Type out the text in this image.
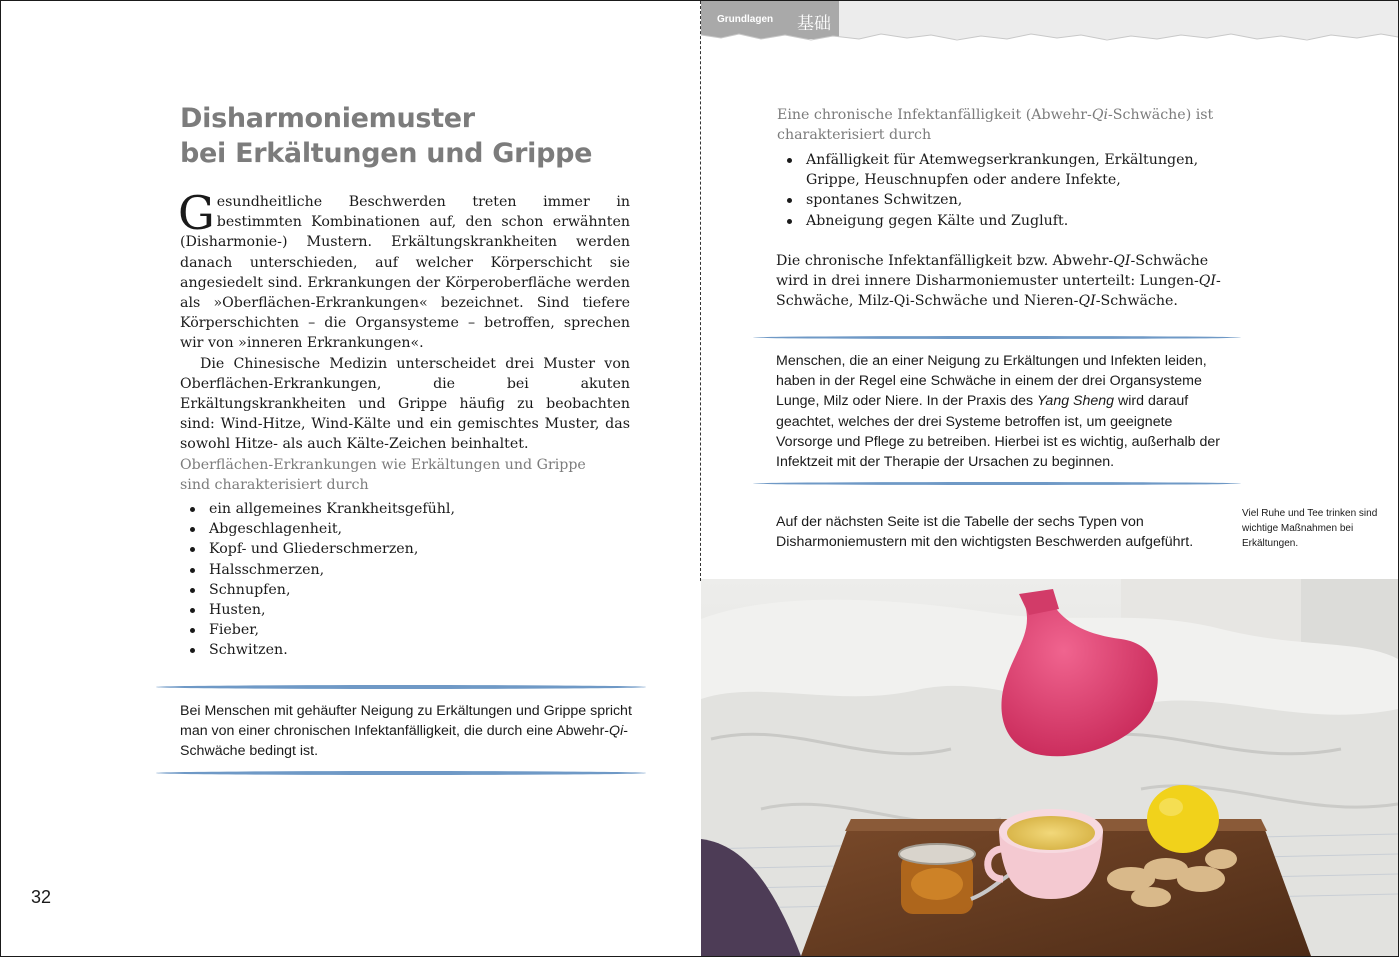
Disharmoniemuster
bei Erkältungen und Grippe

Gesundheitliche Beschwerden treten immer in bestimmten Kombinationen auf, den schon erwähnten (Disharmonie-) Mustern. Erkältungskrankheiten werden danach unterschieden, auf welcher Körperschicht sie angesiedelt sind. Erkrankungen der Körperoberfläche werden als »Oberflächen-Erkrankungen« bezeichnet. Sind tiefere Körperschichten – die Organsysteme – betroffen, sprechen wir von »inneren Erkrankungen«.

Die Chinesische Medizin unterscheidet drei Muster von Oberflächen-Erkrankungen, die bei akuten Erkältungskrankheiten und Grippe häufig zu beobachten sind: Wind-Hitze, Wind-Kälte und ein gemischtes Muster, das sowohl Hitze- als auch Kälte-Zeichen beinhaltet.

Oberflächen-Erkrankungen wie Erkältungen und Grippe sind charakterisiert durch

ein allgemeines Krankheitsgefühl,
Abgeschlagenheit,
Kopf- und Gliederschmerzen,
Halsschmerzen,
Schnupfen,
Husten,
Fieber,
Schwitzen.

Bei Menschen mit gehäufter Neigung zu Erkältungen und Grippe spricht man von einer chronischen Infektanfälligkeit, die durch eine Abwehr-Qi-Schwäche bedingt ist.

32
Grundlagen 基础

Eine chronische Infektanfälligkeit (Abwehr-Qi-Schwäche) ist charakterisiert durch

Anfälligkeit für Atemwegserkrankungen, Erkältungen, Grippe, Heuschnupfen oder andere Infekte,
spontanes Schwitzen,
Abneigung gegen Kälte und Zugluft.

Die chronische Infektanfälligkeit bzw. Abwehr-QI-Schwäche wird in drei innere Disharmoniemuster unterteilt: Lungen-QI-Schwäche, Milz-Qi-Schwäche und Nieren-QI-Schwäche.

Menschen, die an einer Neigung zu Erkältungen und Infekten leiden, haben in der Regel eine Schwäche in einem der drei Organsysteme Lunge, Milz oder Niere. In der Praxis des Yang Sheng wird darauf geachtet, welches der drei Systeme betroffen ist, um geeignete Vorsorge und Pflege zu betreiben. Hierbei ist es wichtig, außerhalb der Infektzeit mit der Therapie der Ursachen zu beginnen.

Auf der nächsten Seite ist die Tabelle der sechs Typen von Disharmoniemustern mit den wichtigsten Beschwerden aufgeführt.

Viel Ruhe und Tee trinken sind wichtige Maßnahmen bei Erkältungen.
